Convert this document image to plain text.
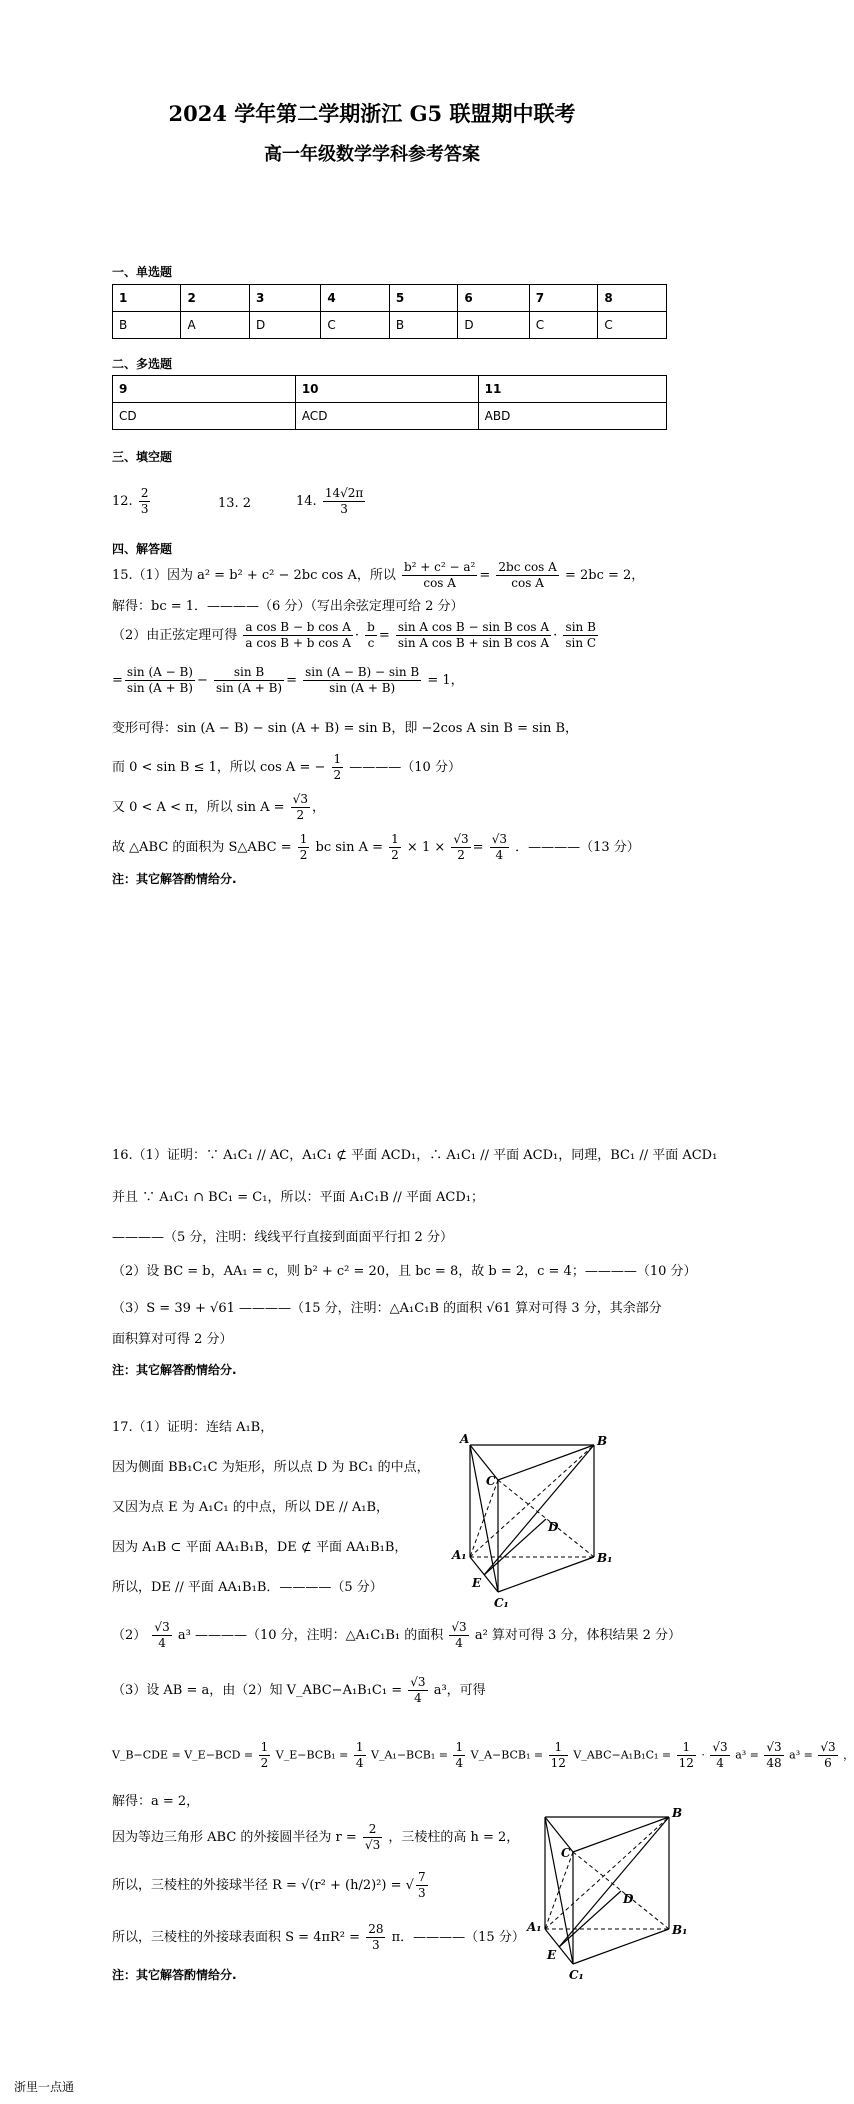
2024 学年第二学期浙江 G5 联盟期中联考
高一年级数学学科参考答案
一、单选题
1	2	3	4	5	6	7	8
B	A	D	C	B	D	C	C
二、多选题
9	10	11
CD	ACD	ABD
三、填空题
12. $\frac{2}{3}$	13. 2	14. $\frac{14√2\pi}{3}$
四、解答题
15.（1）因为 a² = b² + c² − 2bc cos A，所以 $\frac{\text{b² + c² − a²}}{\text{cos A}} = \frac{\text{2bc cos A}}{\text{cos A}} = 2bc = 2$，
解得：bc = 1．————（6 分）（写出余弦定理可给 2 分）
（2）由正弦定理可得 $\frac{\text{a cos B − b cos A}}{\text{a cos B + b cos A}} \cdot \frac{b}{c} = \frac{\text{sin A cos B − sin B cos A}}{\text{sin A cos B + sin B cos A}} \cdot \frac{\text{sin B}}{\text{sin C}}$
= $\frac{\sin (A - B)}{\sin (A + B)} - \frac{\text{sin B}}{\sin (A + B)} = \frac{\text{sin (A − B) − sin B}}{\sin (A + B)} = 1$，
变形可得：sin (A − B) − sin (A + B) = sin B，即 −2cos A sin B = sin B，
而 0 < sin B ≤ 1，所以 cos A = − $\frac{1}{2}$ ————（10 分）
又 0 < A < π，所以 $\sin A = \frac{√3}{2}$ ，
故 △ABC 的面积为 S△ABC = $\frac{1}{2}$ bc $\sin A = \frac{1}{2} \times 1 \times \frac{√3}{2} = \frac{√3}{4}$ ．————（13 分）
注：其它解答酌情给分.
16.（1）证明：∵ A₁C₁ // AC，A₁C₁ ⊄ 平面 ACD₁，∴ A₁C₁ // 平面 ACD₁，同理，BC₁ // 平面 ACD₁
并且 ∵ A₁C₁ ∩ BC₁ = C₁，所以：平面 A₁C₁B // 平面 ACD₁；
————（5 分，注明：线线平行直接到面面平行扣 2 分）
（2）设 BC = b，AA₁ = c，则 b² + c² = 20，且 bc = 8，故 b = 2，c = 4；————（10 分）
（3）S = 39 + √61 ————（15 分，注明：△A₁C₁B 的面积 √61 算对可得 3 分，其余部分
面积算对可得 2 分）
注：其它解答酌情给分.
17.（1）证明：连结 A₁B，
因为侧面 BB₁C₁C 为矩形，所以点 D 为 BC₁ 的中点，
又因为点 E 为 A₁C₁ 的中点，所以 DE // A₁B，
因为 A₁B ⊂ 平面 AA₁B₁B，DE ⊄ 平面 AA₁B₁B，
所以，DE // 平面 AA₁B₁B．————（5 分）
$(2) \frac{√3}{4} a^3$ ————（10 分，注明：△A₁C₁B₁ 的面积 $\frac{√3}{4} a^2$ 算对可得 3 分，体积结果 2 分）
（3）设 AB = a，由（2）知 V_ABC−A₁B₁C₁ = $\frac{√3}{4} a^3$，可得
V_B−CDE = V_E−BCD = $\frac{1}{2}$ V_E−BCB₁ = $\frac{1}{4}$ V_A₁−BCB₁ = $\frac{1}{4}$ V_A−BCB₁ = $\frac{1}{12}$ V_ABC−A₁B₁C₁ = $\frac{1}{12} \cdot \frac{√3}{4} a^3 = \frac{√3}{48} a^3 = \frac{√3}{6}$ ，
解得：a = 2，
因为等边三角形 ABC 的外接圆半径为 $r = \frac{2}{√3}$ ，三棱柱的高 h = 2，
所以，三棱柱的外接球半径 R = √(r² + (h/2)²) = √ $\frac{7}{3}$
所以，三棱柱的外接球表面积 $S = 4\pi R^2 = \frac{28}{3}$ π．————（15 分）
注：其它解答酌情给分.
A	B
C
D
E
A₁	B₁
C₁
C
B
D
A₁	B₁
E
C₁
浙里一点通
